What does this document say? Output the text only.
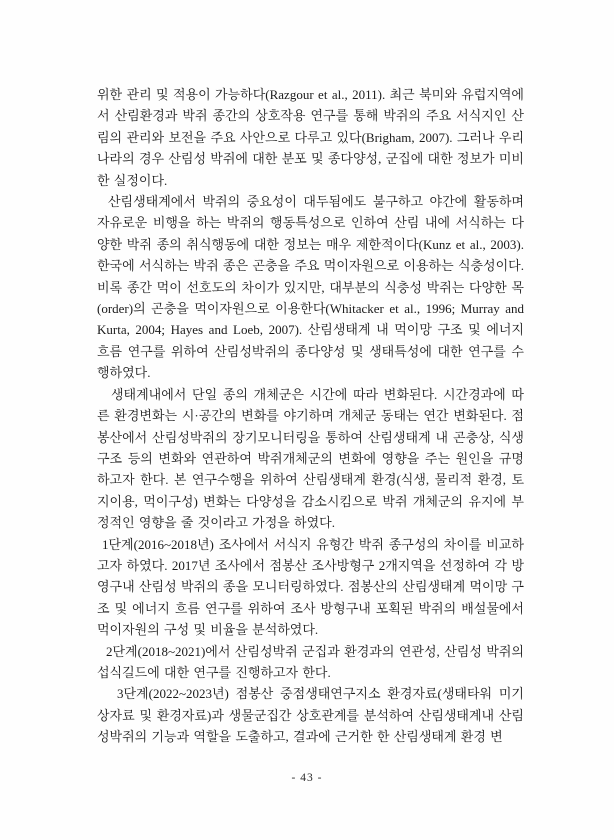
위한 관리 및 적용이 가능하다(Razgour et al., 2011). 최근 북미와 유럽지역에서 산림환경과 박쥐 종간의 상호작용 연구를 통해 박쥐의 주요 서식지인 산림의 관리와 보전을 주요 사안으로 다루고 있다(Brigham, 2007). 그러나 우리나라의 경우 산림성 박쥐에 대한 분포 및 종다양성, 군집에 대한 정보가 미비한 실정이다.

산림생태계에서 박쥐의 중요성이 대두됨에도 불구하고 야간에 활동하며 자유로운 비행을 하는 박쥐의 행동특성으로 인하여 산림 내에 서식하는 다양한 박쥐 종의 취식행동에 대한 정보는 매우 제한적이다(Kunz et al., 2003). 한국에 서식하는 박쥐 종은 곤충을 주요 먹이자원으로 이용하는 식충성이다. 비록 종간 먹이 선호도의 차이가 있지만, 대부분의 식충성 박쥐는 다양한 목(order)의 곤충을 먹이자원으로 이용한다(Whitacker et al., 1996; Murray and Kurta, 2004; Hayes and Loeb, 2007). 산림생태계 내 먹이망 구조 및 에너지 흐름 연구를 위하여 산림성박쥐의 종다양성 및 생태특성에 대한 연구를 수행하였다.

생태계내에서 단일 종의 개체군은 시간에 따라 변화된다. 시간경과에 따른 환경변화는 시·공간의 변화를 야기하며 개체군 동태는 연간 변화된다. 점봉산에서 산림성박쥐의 장기모니터링을 통하여 산림생태계 내 곤충상, 식생구조 등의 변화와 연관하여 박쥐개체군의 변화에 영향을 주는 원인을 규명하고자 한다. 본 연구수행을 위하여 산림생태계 환경(식생, 물리적 환경, 토지이용, 먹이구성) 변화는 다양성을 감소시킴으로 박쥐 개체군의 유지에 부정적인 영향을 줄 것이라고 가정을 하였다.

1단계(2016~2018년) 조사에서 서식지 유형간 박쥐 종구성의 차이를 비교하고자 하였다. 2017년 조사에서 점봉산 조사방형구 2개지역을 선정하여 각 방영구내 산림성 박쥐의 종을 모니터링하였다. 점봉산의 산림생태계 먹이망 구조 및 에너지 흐름 연구를 위하여 조사 방형구내 포획된 박쥐의 배설물에서 먹이자원의 구성 및 비율을 분석하였다.

2단계(2018~2021)에서 산림성박쥐 군집과 환경과의 연관성, 산림성 박쥐의 섭식길드에 대한 연구를 진행하고자 한다.

3단계(2022~2023년) 점봉산 중점생태연구지소 환경자료(생태타워 미기상자료 및 환경자료)과 생물군집간 상호관계를 분석하여 산림생태계내 산림성박쥐의 기능과 역할을 도출하고, 결과에 근거한 한 산림생태계 환경 변

- 43 -
